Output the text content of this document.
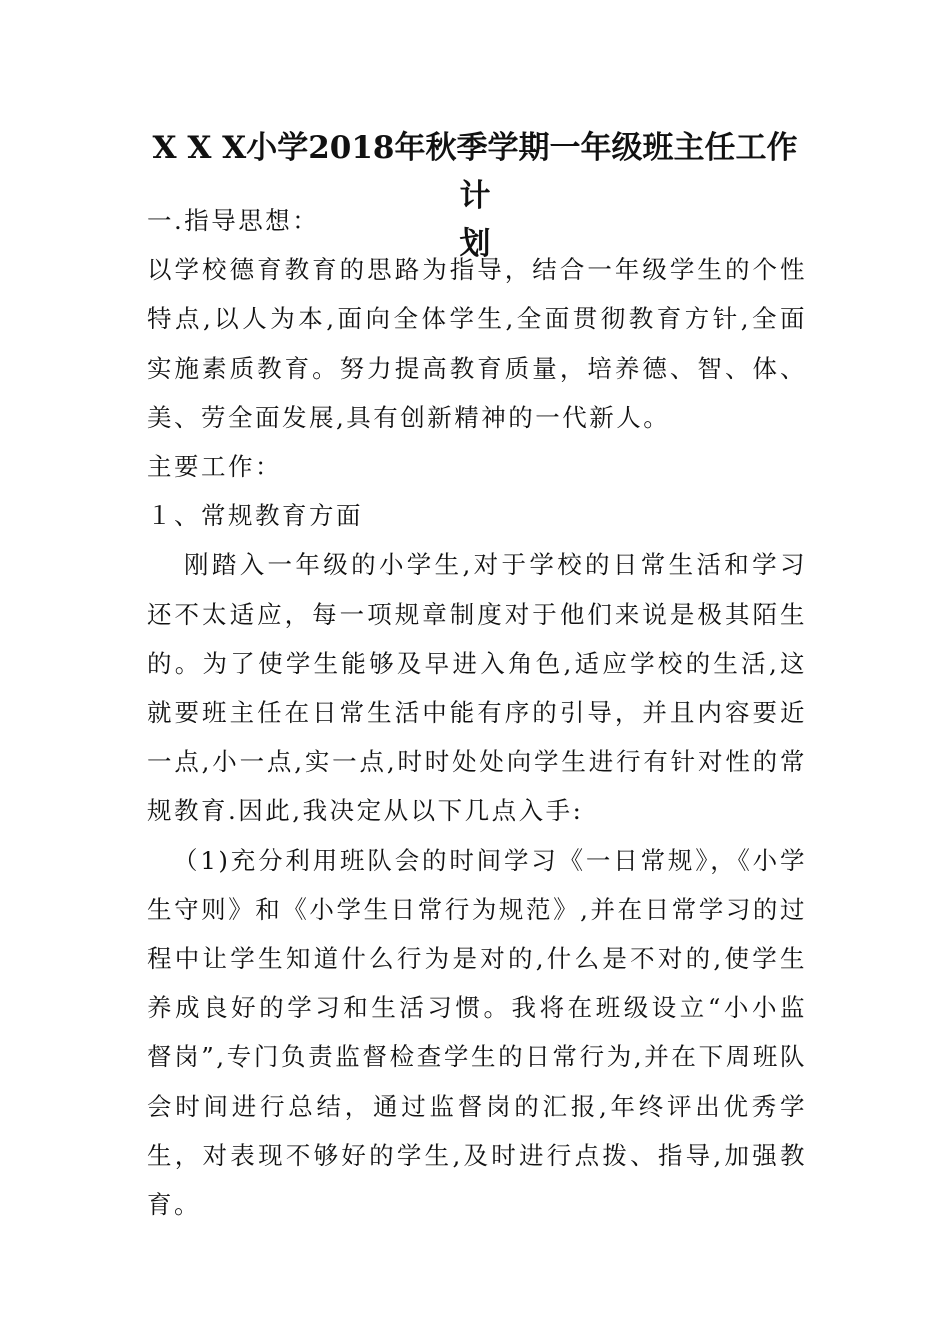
X X X小学2018年秋季学期一年级班主任工作计
划

一.指导思想：

以学校德育教育的思路为指导，结合一年级学生的个性特点,以人为本,面向全体学生,全面贯彻教育方针,全面实施素质教育。努力提高教育质量，培养德、智、体、美、劳全面发展,具有创新精神的一代新人。

主要工作：

１、常规教育方面

刚踏入一年级的小学生,对于学校的日常生活和学习还不太适应，每一项规章制度对于他们来说是极其陌生的。为了使学生能够及早进入角色,适应学校的生活,这就要班主任在日常生活中能有序的引导，并且内容要近一点,小一点,实一点,时时处处向学生进行有针对性的常规教育.因此,我决定从以下几点入手:

（1)充分利用班队会的时间学习《一日常规》，《小学生守则》和《小学生日常行为规范》,并在日常学习的过程中让学生知道什么行为是对的,什么是不对的,使学生养成良好的学习和生活习惯。我将在班级设立“小小监督岗”,专门负责监督检查学生的日常行为,并在下周班队会时间进行总结，通过监督岗的汇报,年终评出优秀学生，对表现不够好的学生,及时进行点拨、指导,加强教育。
